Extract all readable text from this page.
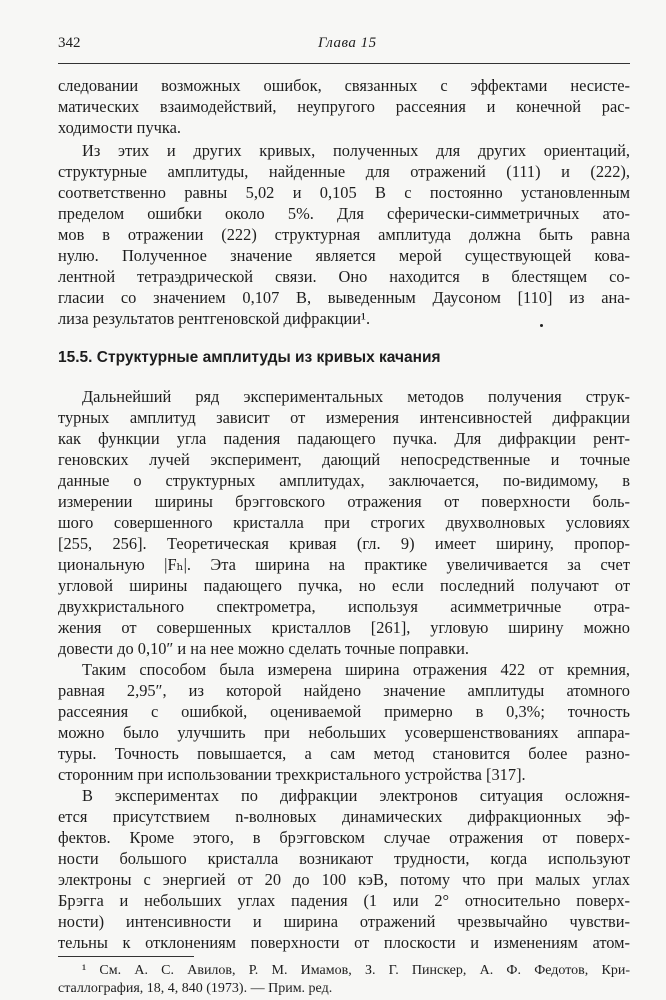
342	Глава 15
следовании возможных ошибок, связанных с эффектами несисте-
матических взаимодействий, неупругого рассеяния и конечной рас-
ходимости пучка.
Из этих и других кривых, полученных для других ориентаций,
структурные амплитуды, найденные для отражений (111) и (222),
соответственно равны 5,02 и 0,105 В с постоянно установленным
пределом ошибки около 5%. Для сферически-симметричных ато-
мов в отражении (222) структурная амплитуда должна быть равна
нулю. Полученное значение является мерой существующей кова-
лентной тетраэдрической связи. Оно находится в блестящем со-
гласии со значением 0,107 В, выведенным Даусоном [110] из ана-
лиза результатов рентгеновской дифракции¹.
15.5. Структурные амплитуды из кривых качания
Дальнейший ряд экспериментальных методов получения струк-
турных амплитуд зависит от измерения интенсивностей дифракции
как функции угла падения падающего пучка. Для дифракции рент-
геновских лучей эксперимент, дающий непосредственные и точные
данные о структурных амплитудах, заключается, по-видимому, в
измерении ширины брэгговского отражения от поверхности боль-
шого совершенного кристалла при строгих двухволновых условиях
[255, 256]. Теоретическая кривая (гл. 9) имеет ширину, пропор-
циональную |Fₕ|. Эта ширина на практике увеличивается за счет
угловой ширины падающего пучка, но если последний получают от
двухкристального спектрометра, используя асимметричные отра-
жения от совершенных кристаллов [261], угловую ширину можно
довести до 0,10″ и на нее можно сделать точные поправки.
Таким способом была измерена ширина отражения 422 от кремния,
равная 2,95″, из которой найдено значение амплитуды атомного
рассеяния с ошибкой, оцениваемой примерно в 0,3%; точность
можно было улучшить при небольших усовершенствованиях аппара-
туры. Точность повышается, а сам метод становится более разно-
сторонним при использовании трехкристального устройства [317].
В экспериментах по дифракции электронов ситуация осложня-
ется присутствием n-волновых динамических дифракционных эф-
фектов. Кроме этого, в брэгговском случае отражения от поверх-
ности большого кристалла возникают трудности, когда используют
электроны с энергией от 20 до 100 кэВ, потому что при малых углах
Брэгга и небольших углах падения (1 или 2° относительно поверх-
ности) интенсивности и ширина отражений чрезвычайно чувстви-
тельны к отклонениям поверхности от плоскости и изменениям атом-
¹ См. А. С. Авилов, Р. М. Имамов, З. Г. Пинскер, А. Ф. Федотов, Кри-
сталлография, 18, 4, 840 (1973). — Прим. ред.
